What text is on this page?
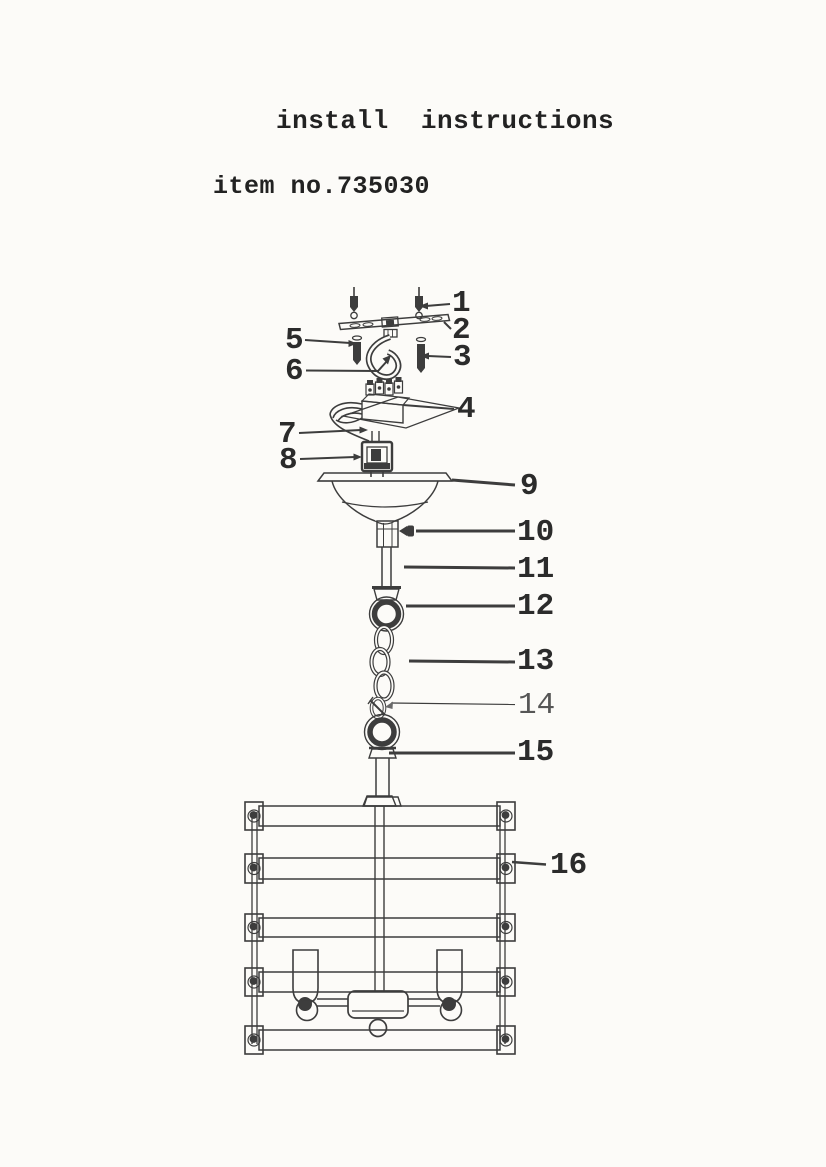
install  instructions
item no.735030
1
2
3
4
5
6
7
8
9
10
11
12
13
14
15
16
